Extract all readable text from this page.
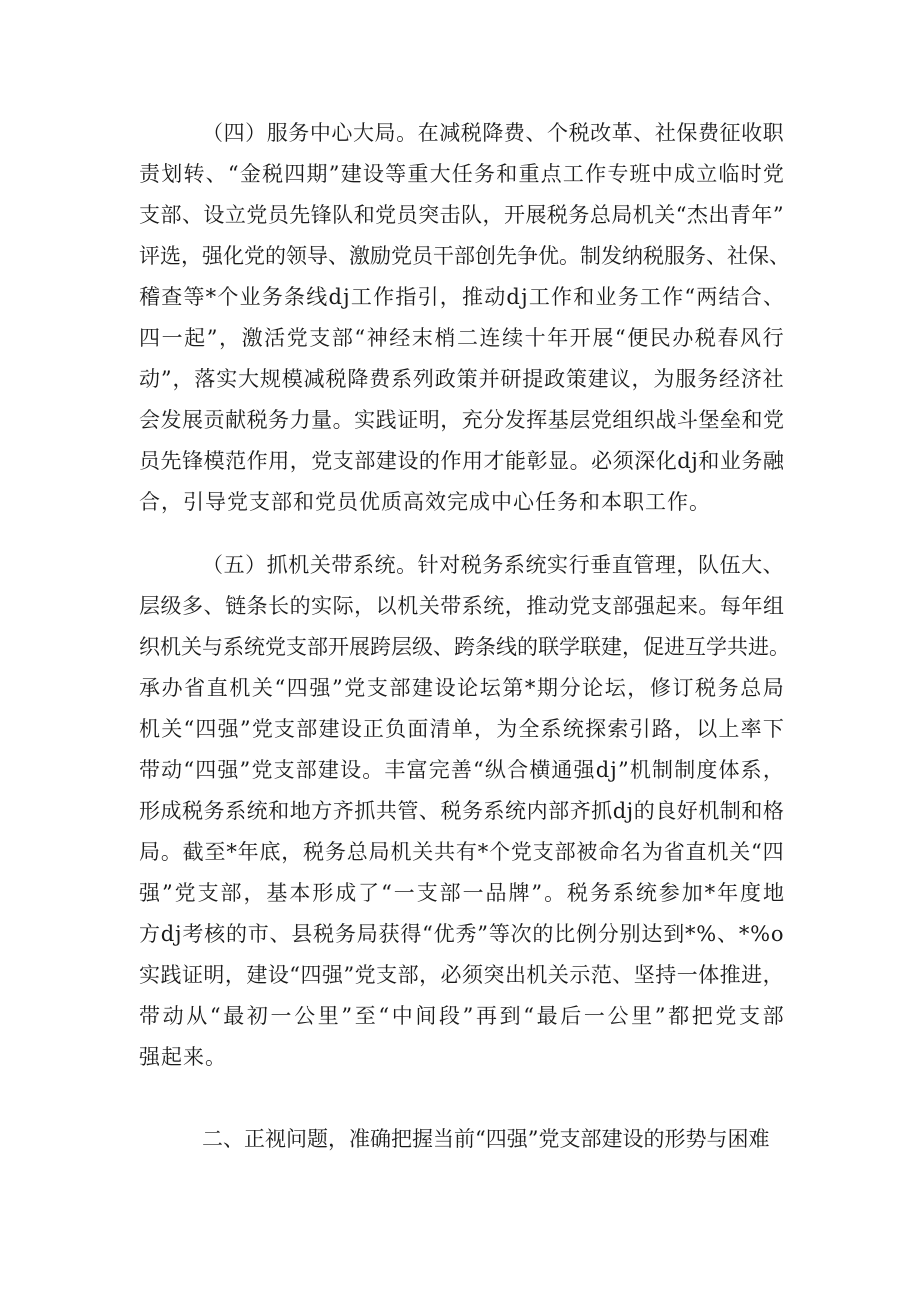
（ 四 ） 服 务 中 心 大 局 。 在 减 税 降 费 、 个 税 改 革 、 社 保 费 征 收 职
责 划 转 、 “ 金 税 四 期 ” 建 设 等 重 大 任 务 和 重 点 工 作 专 班 中 成 立 临 时 党
支 部 、 设 立 党 员 先 锋 队 和 党 员 突 击 队 ， 开 展 税 务 总 局 机 关 “ 杰 出 青 年 ”
评 选 ， 强 化 党 的 领 导 、 激 励 党 员 干 部 创 先 争 优 。 制 发 纳 税 服 务 、 社 保 、
稽 查 等 * 个 业 务 条 线 d j 工 作 指 引 ， 推 动 d j 工 作 和 业 务 工 作 “ 两 结 合 、
四 一 起 ” ， 激 活 党 支 部 “ 神 经 末 梢 二 连 续 十 年 开 展 “ 便 民 办 税 春 风 行
动 ” ， 落 实 大 规 模 减 税 降 费 系 列 政 策 并 研 提 政 策 建 议 ， 为 服 务 经 济 社
会 发 展 贡 献 税 务 力 量 。 实 践 证 明 ， 充 分 发 挥 基 层 党 组 织 战 斗 堡 垒 和 党
员 先 锋 模 范 作 用 ， 党 支 部 建 设 的 作 用 才 能 彰 显 。 必 须 深 化 d j 和 业 务 融
合，引导党支部和党员优质高效完成中心任务和本职工作。
（ 五 ） 抓 机 关 带 系 统 。 针 对 税 务 系 统 实 行 垂 直 管 理 ， 队 伍 大 、
层 级 多 、 链 条 长 的 实 际 ， 以 机 关 带 系 统 ， 推 动 党 支 部 强 起 来 。 每 年 组
织 机 关 与 系 统 党 支 部 开 展 跨 层 级 、 跨 条 线 的 联 学 联 建 ， 促 进 互 学 共 进 。
承 办 省 直 机 关 “ 四 强 ” 党 支 部 建 设 论 坛 第 * 期 分 论 坛 ， 修 订 税 务 总 局
机 关 “ 四 强 ” 党 支 部 建 设 正 负 面 清 单 ， 为 全 系 统 探 索 引 路 ， 以 上 率 下
带 动 “ 四 强 ” 党 支 部 建 设 。 丰 富 完 善 “ 纵 合 横 通 强 d j ” 机 制 制 度 体 系 ，
形 成 税 务 系 统 和 地 方 齐 抓 共 管 、 税 务 系 统 内 部 齐 抓 d j 的 良 好 机 制 和 格
局 。 截 至 * 年 底 ， 税 务 总 局 机 关 共 有 * 个 党 支 部 被 命 名 为 省 直 机 关 “ 四
强 ” 党 支 部 ， 基 本 形 成 了 “ 一 支 部 一 品 牌 ” 。 税 务 系 统 参 加 * 年 度 地
方 d j 考 核 的 市 、 县 税 务 局 获 得 “ 优 秀 ” 等 次 的 比 例 分 别 达 到 * % 、 * % o
实 践 证 明 ， 建 设 “ 四 强 ” 党 支 部 ， 必 须 突 出 机 关 示 范 、 坚 持 一 体 推 进 ，
带 动 从 “ 最 初 一 公 里 ” 至 “ 中 间 段 ” 再 到 “ 最 后 一 公 里 ” 都 把 党 支 部
强起来。
二、正视问题，准确把握当前“四强”党支部建设的形势与困难
